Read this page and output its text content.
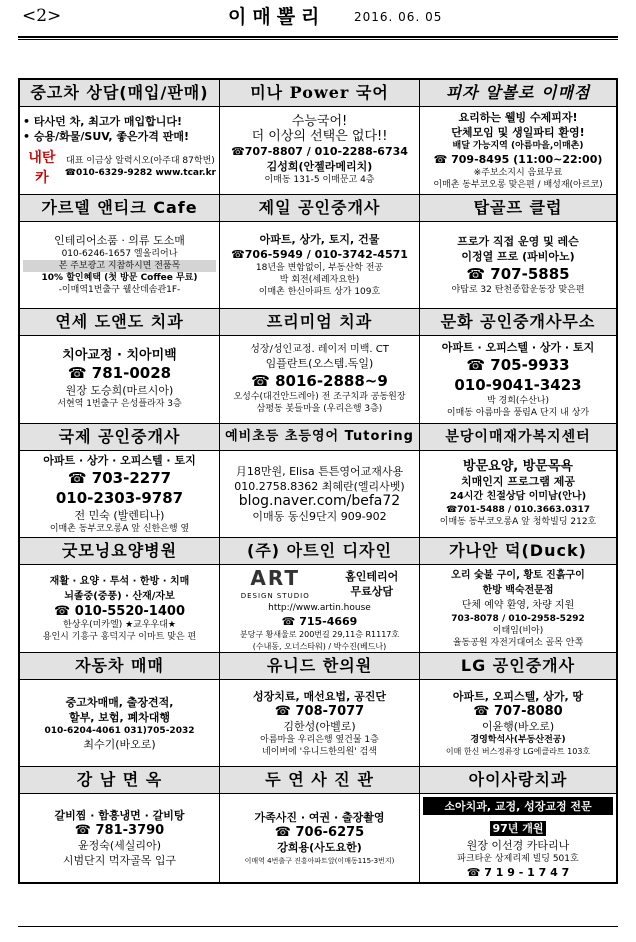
<2>	이매뽈리 2016. 06. 05
중고차 상담(매입/판매)
• 타사던 차, 최고가 매입합니다!
• 승용/화물/SUV, 좋은가격 판매!
내탄카
대표 이금상 알력시오(아주대 87학번)
☎010-6329-9282 www.tcar.kr
미나 Power 국어
수능국어!
더 이상의 선택은 없다!!
☎707-8807 / 010-2288-6734
김성희(안젤라메리치)
이매동 131-5 이매문고 4층
피자 알볼로 이매점
요리하는 웰빙 수제피자!
단체모임 및 생일파티 환영!
배달 가능지역 (아름마을,이매촌)
☎ 709-8495 (11:00~22:00)
※주보소지시 음료무료
이매촌 동부코오롱 맞은편 / 배성재(아르코)
가르델 앤티크 Cafe
인테리어소품 · 의류 도소매
010-6246-1657 엘올리어나
본 주보광고 지참하시면 전품목
10% 할인혜택 (첫 방문 Coffee 무료)
-이매역1번출구 웰산데솜관1F-
제일 공인중개사
아파트, 상가, 토지, 건물
☎706-5949 / 010-3742-4571
18년을 변함없이, 부동산학 전공
박 회전(세례자요한)
이매촌 한신아파트 상가 109호
탑골프 클럽
프로가 직접 운영 및 레슨
이정열 프로 (파비아노)
☎ 707-5885
야탑로 32 탄천종합운동장 맞은편
연세 도앤도 치과
치아교정 · 치아미백
☎ 781-0028
원장 도승희(마르시아)
서현역 1번출구 은성플라자 3층
프리미엄 치과
성장/성인교정. 레이저 미백. CT
임플란트(오스템.독일)
☎ 8016-2888~9
오성수(대건안드레아) 전 조구치과 공동원장
삼평동 봇들마을 (우리은행 3층)
문화 공인중개사무소
아파트 · 오피스텔 · 상가 · 토지
☎ 705-9933
010-9041-3423
박 경희(수산나)
이매동 아름마을 풍림A 단지 내 상가
국제 공인중개사
아파트 · 상가 · 오피스텔 · 토지
☎ 703-2277
010-2303-9787
전 민숙 (발렌티나)
이매촌 동부코오롱A 앞 신한은행 옆
예비초등 초등영어 Tutoring
月18만원, Elisa 튼튼영어교재사용
010.2758.8362 최혜란(엘리사벳)
blog.naver.com/befa72
이매동 동신9단지 909-902
분당이매재가복지센터
방문요양, 방문목욕
치매인지 프로그램 제공
24시간 친절상담 이미남(안나)
☎701-5488 / 010.3663.0317
이매동 동부코오롱A 앞 청학빌딩 212호
굿모닝요양병원
재활 · 요양 · 투석 · 한방 · 치매
뇌졸중(중풍) · 산재/자보
☎ 010-5520-1400
한상우(미카엘) ★교우우대★
용인시 기흥구 홍덕지구 이마트 맞은 편
(주) 아트인 디자인
ART
DESIGN STUDIO
홈인테리어
무료상담
http://www.artin.house
☎ 715-4669
분당구 황새울로 200번길 29,11층 R1117호
(수내동, 오너스타워) / 박수진(베드나)
가나안 덕(Duck)
오리 숯불 구이, 황토 진흙구이
한방 백숙전문점
단체 예약 환영, 차량 지원
703-8078 / 010-2958-5292
이태임(비아)
율동공원 자전거대여소 골목 안쪽
자동차 매매
중고차매매, 출장견적,
할부, 보험, 폐차대행
010-6204-4061 031)705-2032
최수기(바오로)
유니드 한의원
성장치료, 매선요법, 공진단
☎ 708-7077
김한성(아벨로)
아름마을 우리은행 옆건물 1층
네이버에 '유니드한의원' 검색
LG 공인중개사
아파트, 오피스텔, 상가, 땅
☎ 707-8080
이윤행(바오로)
경영학석사(부동산전공)
이매 한신 버스정류장 LG에클라트 103호
강 남 면 옥
갈비찜 · 함흥냉면 · 갈비탕
☎ 781-3790
윤정숙(세실리아)
시범단지 먹자골목 입구
두 연 사 진 관
가족사진 · 여권 · 출장촬영
☎ 706-6275
강희용(사도요한)
이매역 4번출구 진흥아파트앞(이매동115-3번지)
아이사랑치과
소아치과, 교정, 성장교정 전문
97년 개원
원장 이선경 카타리나
파크타운 상제리제 빌딩 501호
☎ 7 1 9 - 1 7 4 7
